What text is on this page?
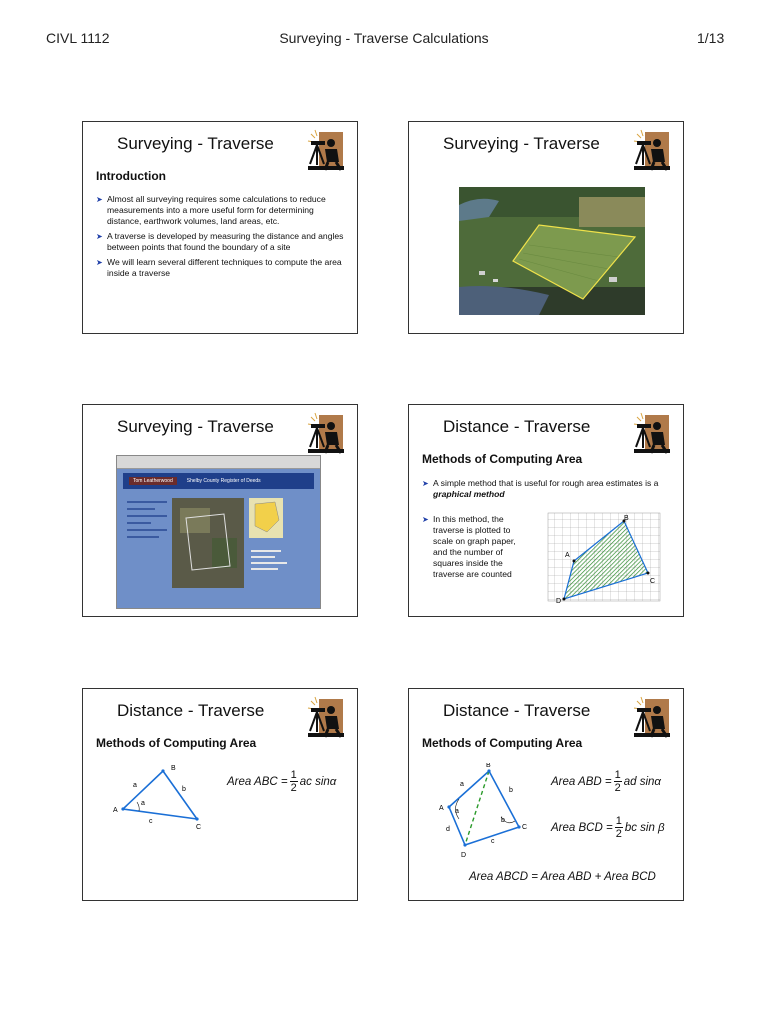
CIVL 1112	Surveying - Traverse Calculations	1/13
Surveying - Traverse
Introduction
➤ Almost all surveying requires some calculations to reduce measurements into a more useful form for determining distance, earthwork volumes, land areas, etc.
➤ A traverse is developed by measuring the distance and angles between points that found the boundary of a site
➤ We will learn several different techniques to compute the area inside a traverse
Surveying - Traverse
Surveying - Traverse
Tom Leatherwood	Shelby County Register of Deeds
Distance - Traverse
Methods of Computing Area
➤ A simple method that is useful for rough area estimates is a graphical method
➤ In this method, the traverse is plotted to scale on graph paper, and the number of squares inside the traverse are counted
A
B
C
D
Distance - Traverse
Methods of Computing Area
A
B
C
a
b
c
a
Area ABC = $\frac{1}{2}$ ac sinα
Distance - Traverse
Methods of Computing Area
A
B
C
D
a
b
c
d
a
b
Area ABD = $\frac{1}{2}$ ad sinα
Area BCD = $\frac{1}{2}$ bc sin β
Area ABCD = Area ABD + Area BCD
